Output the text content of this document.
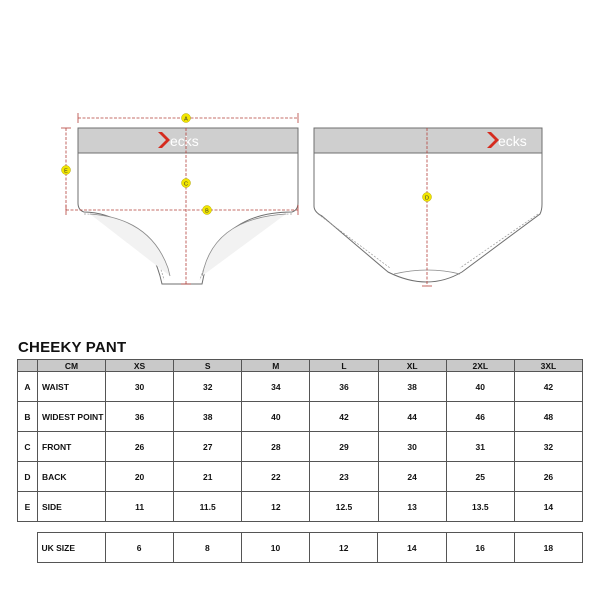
ecks	ecks
A
B
C
D
E
CHEEKY PANT
	CM	XS	S	M	L	XL	2XL	3XL
A	WAIST	30	32	34	36	38	40	42
B	WIDEST POINT	36	38	40	42	44	46	48
C	FRONT	26	27	28	29	30	31	32
D	BACK	20	21	22	23	24	25	26
E	SIDE	11	11.5	12	12.5	13	13.5	14
	UK SIZE	6	8	10	12	14	16	18
